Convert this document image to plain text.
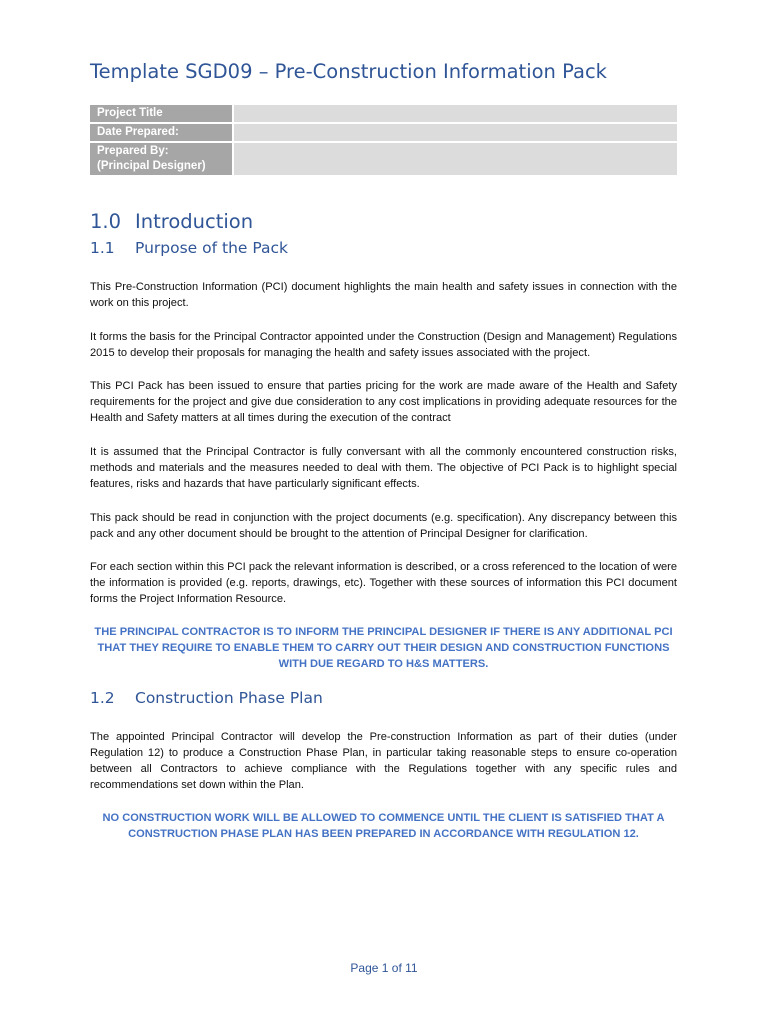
Template SGD09 – Pre-Construction Information Pack
Project Title	
Date Prepared:	
Prepared By:
(Principal Designer)	
1.0 Introduction
1.1 Purpose of the Pack

This Pre-Construction Information (PCI) document highlights the main health and safety issues in connection with the work on this project.

It forms the basis for the Principal Contractor appointed under the Construction (Design and Management) Regulations 2015 to develop their proposals for managing the health and safety issues associated with the project.

This PCI Pack has been issued to ensure that parties pricing for the work are made aware of the Health and Safety requirements for the project and give due consideration to any cost implications in providing adequate resources for the Health and Safety matters at all times during the execution of the contract

It is assumed that the Principal Contractor is fully conversant with all the commonly encountered construction risks, methods and materials and the measures needed to deal with them. The objective of PCI Pack is to highlight special features, risks and hazards that have particularly significant effects.

This pack should be read in conjunction with the project documents (e.g. specification). Any discrepancy between this pack and any other document should be brought to the attention of Principal Designer for clarification.

For each section within this PCI pack the relevant information is described, or a cross referenced to the location of were the information is provided (e.g. reports, drawings, etc). Together with these sources of information this PCI document forms the Project Information Resource.

THE PRINCIPAL CONTRACTOR IS TO INFORM THE PRINCIPAL DESIGNER IF THERE IS ANY ADDITIONAL PCI THAT THEY REQUIRE TO ENABLE THEM TO CARRY OUT THEIR DESIGN AND CONSTRUCTION FUNCTIONS WITH DUE REGARD TO H&S MATTERS.

1.2 Construction Phase Plan

The appointed Principal Contractor will develop the Pre-construction Information as part of their duties (under Regulation 12) to produce a Construction Phase Plan, in particular taking reasonable steps to ensure co-operation between all Contractors to achieve compliance with the Regulations together with any specific rules and recommendations set down within the Plan.

NO CONSTRUCTION WORK WILL BE ALLOWED TO COMMENCE UNTIL THE CLIENT IS SATISFIED THAT A CONSTRUCTION PHASE PLAN HAS BEEN PREPARED IN ACCORDANCE WITH REGULATION 12.

Page 1 of 11
